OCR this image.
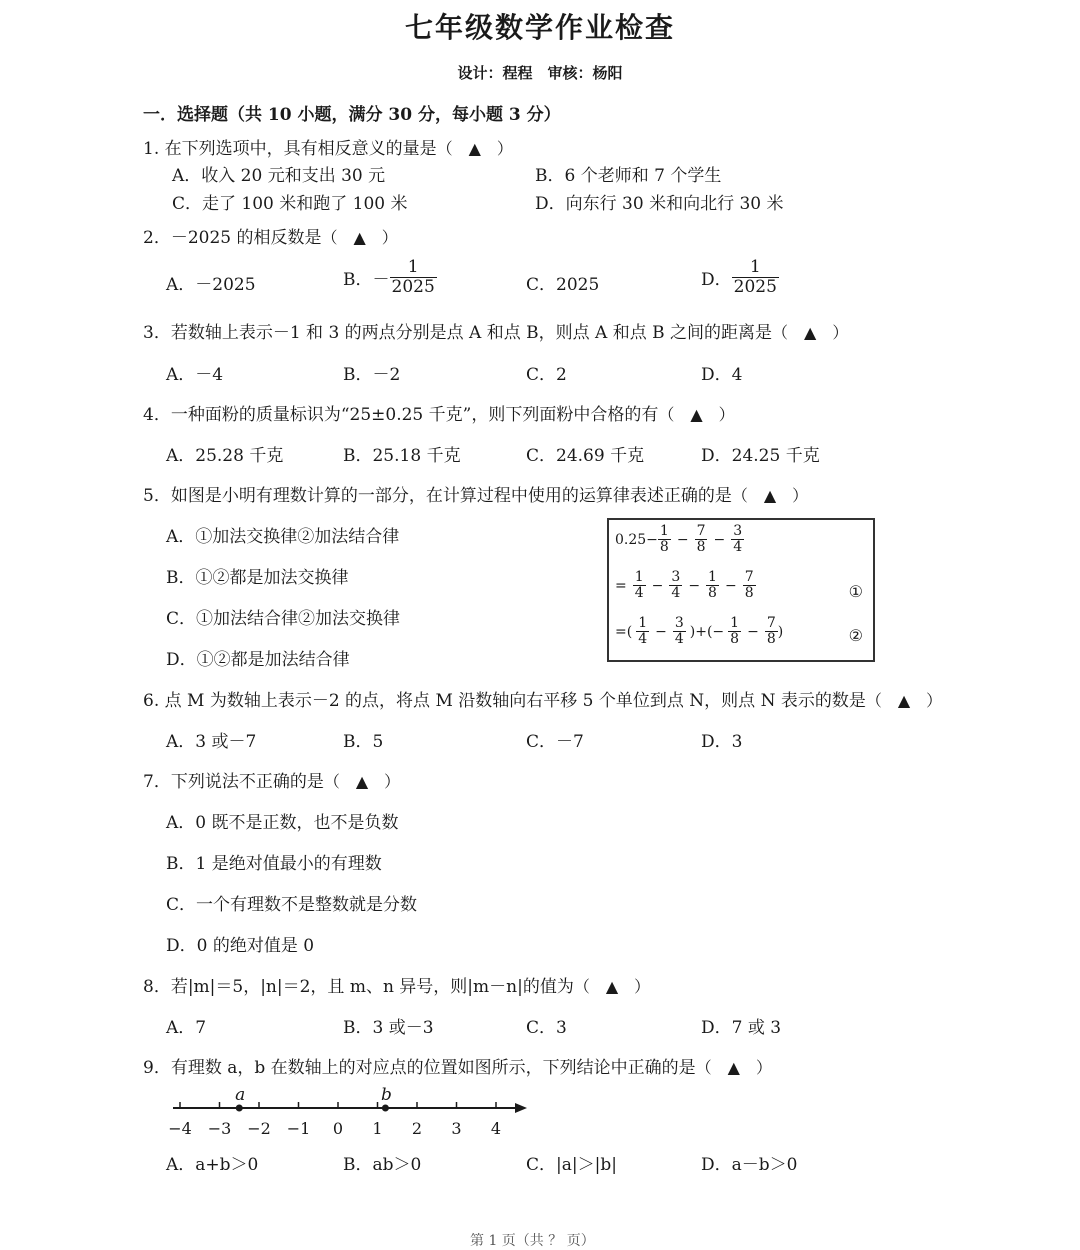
七年级数学作业检查
设计：程程　审核：杨阳
一．选择题（共 10 小题，满分 30 分，每小题 3 分）
1. 在下列选项中，具有相反意义的量是（　▲　）
A．收入 20 元和支出 30 元	B．6 个老师和 7 个学生
C．走了 100 米和跑了 100 米	D．向东行 30 米和向北行 30 米
2．－2025 的相反数是（　▲　）
A．－2025	B．－ $\frac{1}{2025}$	C．2025	D． $\frac{1}{2025}$
3．若数轴上表示－1 和 3 的两点分别是点 A 和点 B，则点 A 和点 B 之间的距离是（　▲　）
A．－4	B．－2	C．2	D．4
4．一种面粉的质量标识为“25±0.25 千克”，则下列面粉中合格的有（　▲　）
A．25.28 千克	B．25.18 千克	C．24.69 千克	D．24.25 千克
5．如图是小明有理数计算的一部分，在计算过程中使用的运算律表述正确的是（　▲　）
A．①加法交换律②加法结合律
B．①②都是加法交换律
C．①加法结合律②加法交换律
D．①②都是加法结合律
$0.25- \frac{1}{8} - \frac{7}{8} - \frac{3}{4}$
= $\frac{1}{4} - \frac{3}{4} - \frac{1}{8} - \frac{7}{8}$	①
=( $\frac{1}{4} - \frac{3}{4}$ )+(− $\frac{1}{8} - \frac{7}{8}$ )	②
6. 点 M 为数轴上表示－2 的点，将点 M 沿数轴向右平移 5 个单位到点 N，则点 N 表示的数是（　▲　）
A．3 或－7	B．5	C．－7	D．3
7．下列说法不正确的是（　▲　）
A．0 既不是正数，也不是负数
B．1 是绝对值最小的有理数
C．一个有理数不是整数就是分数
D．0 的绝对值是 0
8．若|m|＝5，|n|＝2，且 m、n 异号，则|m－n|的值为（　▲　）
A．7	B．3 或－3	C．3	D．7 或 3
9．有理数 a，b 在数轴上的对应点的位置如图所示，下列结论中正确的是（　▲　）
−4 −3 −2 −1 0 1 2 3 4
a	b
A．a+b＞0	B．ab＞0	C．|a|＞|b|	D．a－b＞0
第 1 页（共 ？ 页）
